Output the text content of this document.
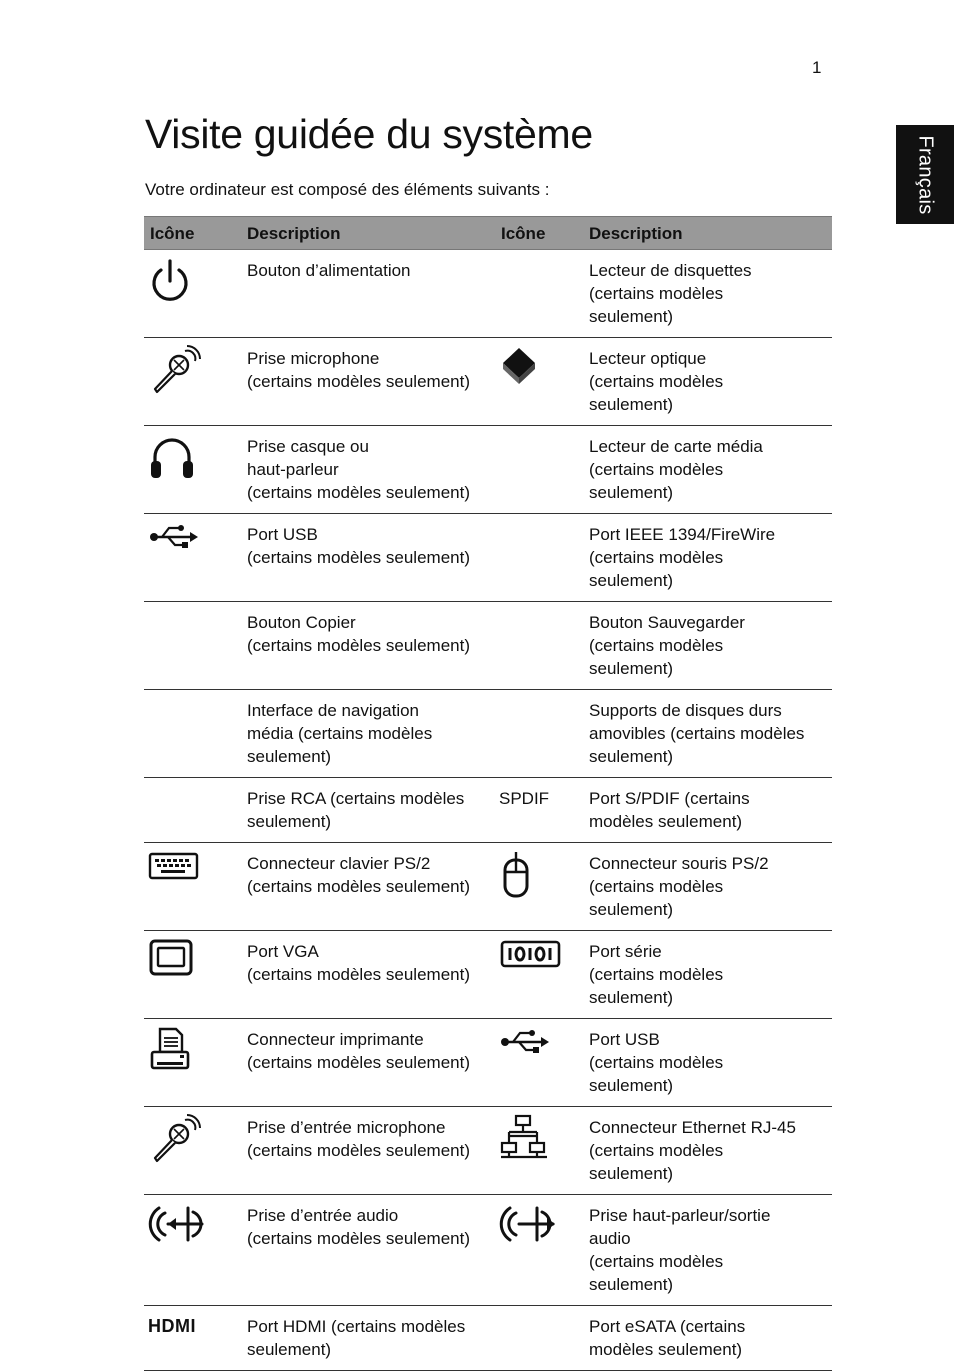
1
Français
Visite guidée du système

Votre ordinateur est composé des éléments suivants :

Icône	Description	Icône	Description

	Bouton d’alimentation		Lecteur de disquettes
(certains modèles
seulement)

	Prise microphone
(certains modèles seulement)		Lecteur optique
(certains modèles
seulement)

	Prise casque ou
haut-parleur
(certains modèles seulement)		Lecteur de carte média
(certains modèles
seulement)

	Port USB
(certains modèles seulement)		Port IEEE 1394/FireWire
(certains modèles
seulement)
	Bouton Copier
(certains modèles seulement)		Bouton Sauvegarder
(certains modèles
seulement)
	Interface de navigation
média (certains modèles
seulement)		Supports de disques durs
amovibles (certains modèles
seulement)
	Prise RCA (certains modèles
seulement)	SPDIF	Port S/PDIF (certains
modèles seulement)

	Connecteur clavier PS/2
(certains modèles seulement)		Connecteur souris PS/2
(certains modèles
seulement)

	Port VGA
(certains modèles seulement)		Port série
(certains modèles
seulement)

	Connecteur imprimante
(certains modèles seulement)		Port USB
(certains modèles
seulement)

	Prise d’entrée microphone
(certains modèles seulement)		Connecteur Ethernet RJ-45
(certains modèles
seulement)

	Prise d’entrée audio
(certains modèles seulement)		Prise haut-parleur/sortie
audio
(certains modèles
seulement)
HDMI	Port HDMI (certains modèles
seulement)		Port eSATA (certains
modèles seulement)
